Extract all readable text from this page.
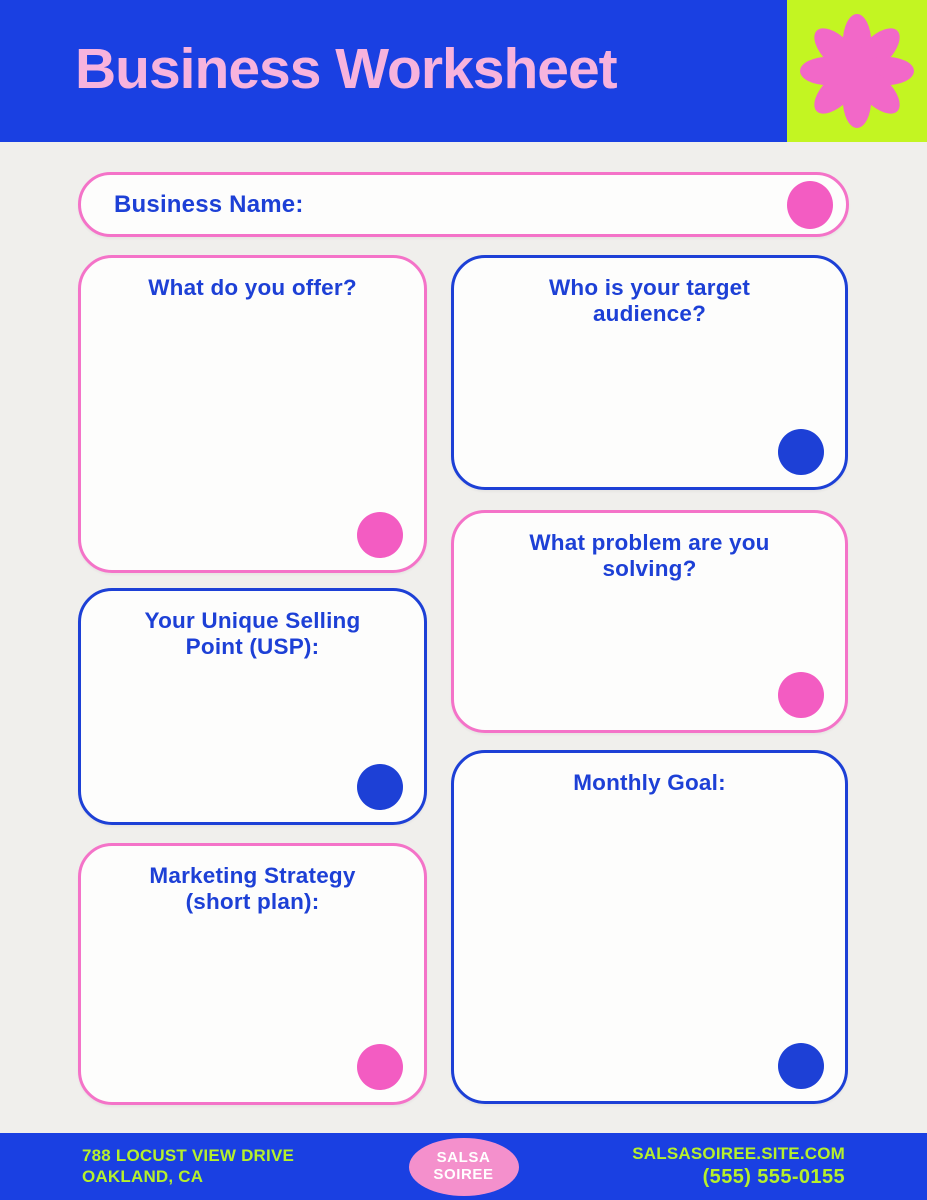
Business Worksheet
Business Name:
What do you offer?
Your Unique Selling Point (USP):
Marketing Strategy (short plan):
Who is your target audience?
What problem are you solving?
Monthly Goal:
788 LOCUST VIEW DRIVE
OAKLAND, CA
SALSA
SOIREE
SALSASOIREE.SITE.COM
(555) 555-0155
